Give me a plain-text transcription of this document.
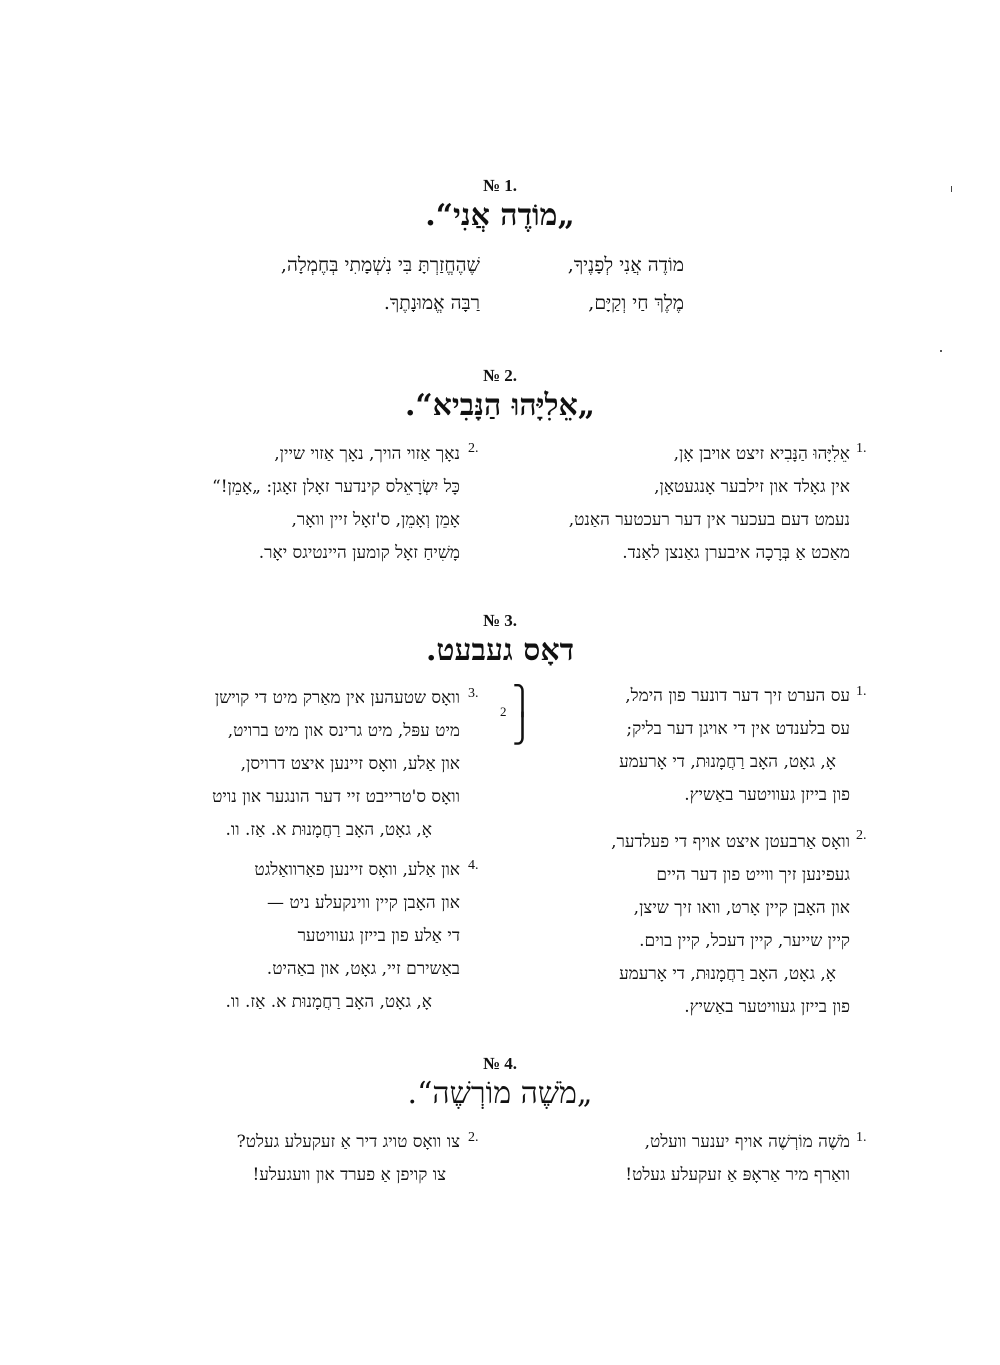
№ 1.
„מוֹדֶה אֲנִי“.
מוֹדֶה אֲנִי לְפָנֶיךָ,
מֶלֶךְ חַי וְקַיָּם,
שֶׁהֶחֱזַרְתָּ בִּי נִשְׁמָתִי בְּחֶמְלָה,
רַבָּה אֱמוּנָתֶךָ.
№ 2.
„אֵלִיָּהוּ הַנָּבִיא“.
1.
אֵלִיָּהוּ הַנָּבִיא זיצט אויבן אָן,
אין גאָלד און זילבער אָנגעטאָן,
נעמט דעם בעכער אין דער רעכטער האַנט,
מאַכט אַ בְּרָכָה איבערן גאַנצן לאַנד.
2.
נאָך אַזוי הויך, נאָך אַזוי שיין,
כָּל יִשְׂרָאֵלס קינדער זאָלן זאָגן: „אָמֵן!“
אָמֵן וְאָמֵן, ס'זאָל זיין וואָר,
מָשִׁיחַ זאָל קומען היינטיגס יאָר.
№ 3.
דאָס געבעט.
1.
⎫
⎭
2
עס הערט זיך דער דונער פון הימל,
עס בלענדט אין די אויגן דער בליק;
אָ, גאָט, האָב רַחֲמָנוּת, די אָרעמע
פון בייזן געוויטער באַשיץ.
2.
וואָס אַרבעטן איצט אויף די פעלדער,
געפינען זיך ווייט פון דער היים
און האָבן קיין אָרט, וואו זיך שיצן,
קיין שייער, קיין דעכל, קיין בוים.
אָ, גאָט, האָב רַחֲמָנוּת, די אָרעמע
פון בייזן געוויטער באַשיץ.
3.
וואָס שטעהען אין מאַרק מיט די קוישן
מיט עפּל, מיט גרינס און מיט ברויט,
און אַלע, וואָס זיינען איצט דרויסן,
וואָס ס'טרייבט זיי דער הונגער און נויט
אָ, גאָט, האָב רַחֲמָנוּת א. אַז. וו.
4.
און אַלע, וואָס זיינען פאַרוואַלגט
און האָבן קיין ווינקעלע ניט —
די אַלע פון בייזן געוויטער
באַשירם זיי, גאָט, און באַהיט.
אָ, גאָט, האָב רַחֲמָנוּת א. אַז. וו.
№ 4.
„מֹשֶׁה מוֹרְשֶׁה“.
1.
מֹשֶׁה מוֹרְשֶׁה אויף יענער וועלט,
וואַרף מיר אַראָפּ אַ זעקעלע געלט!
2.
צו וואָס טויג דיר אַ זעקעלע געלט?
צו קויפן אַ פערד און וועגעלע!
